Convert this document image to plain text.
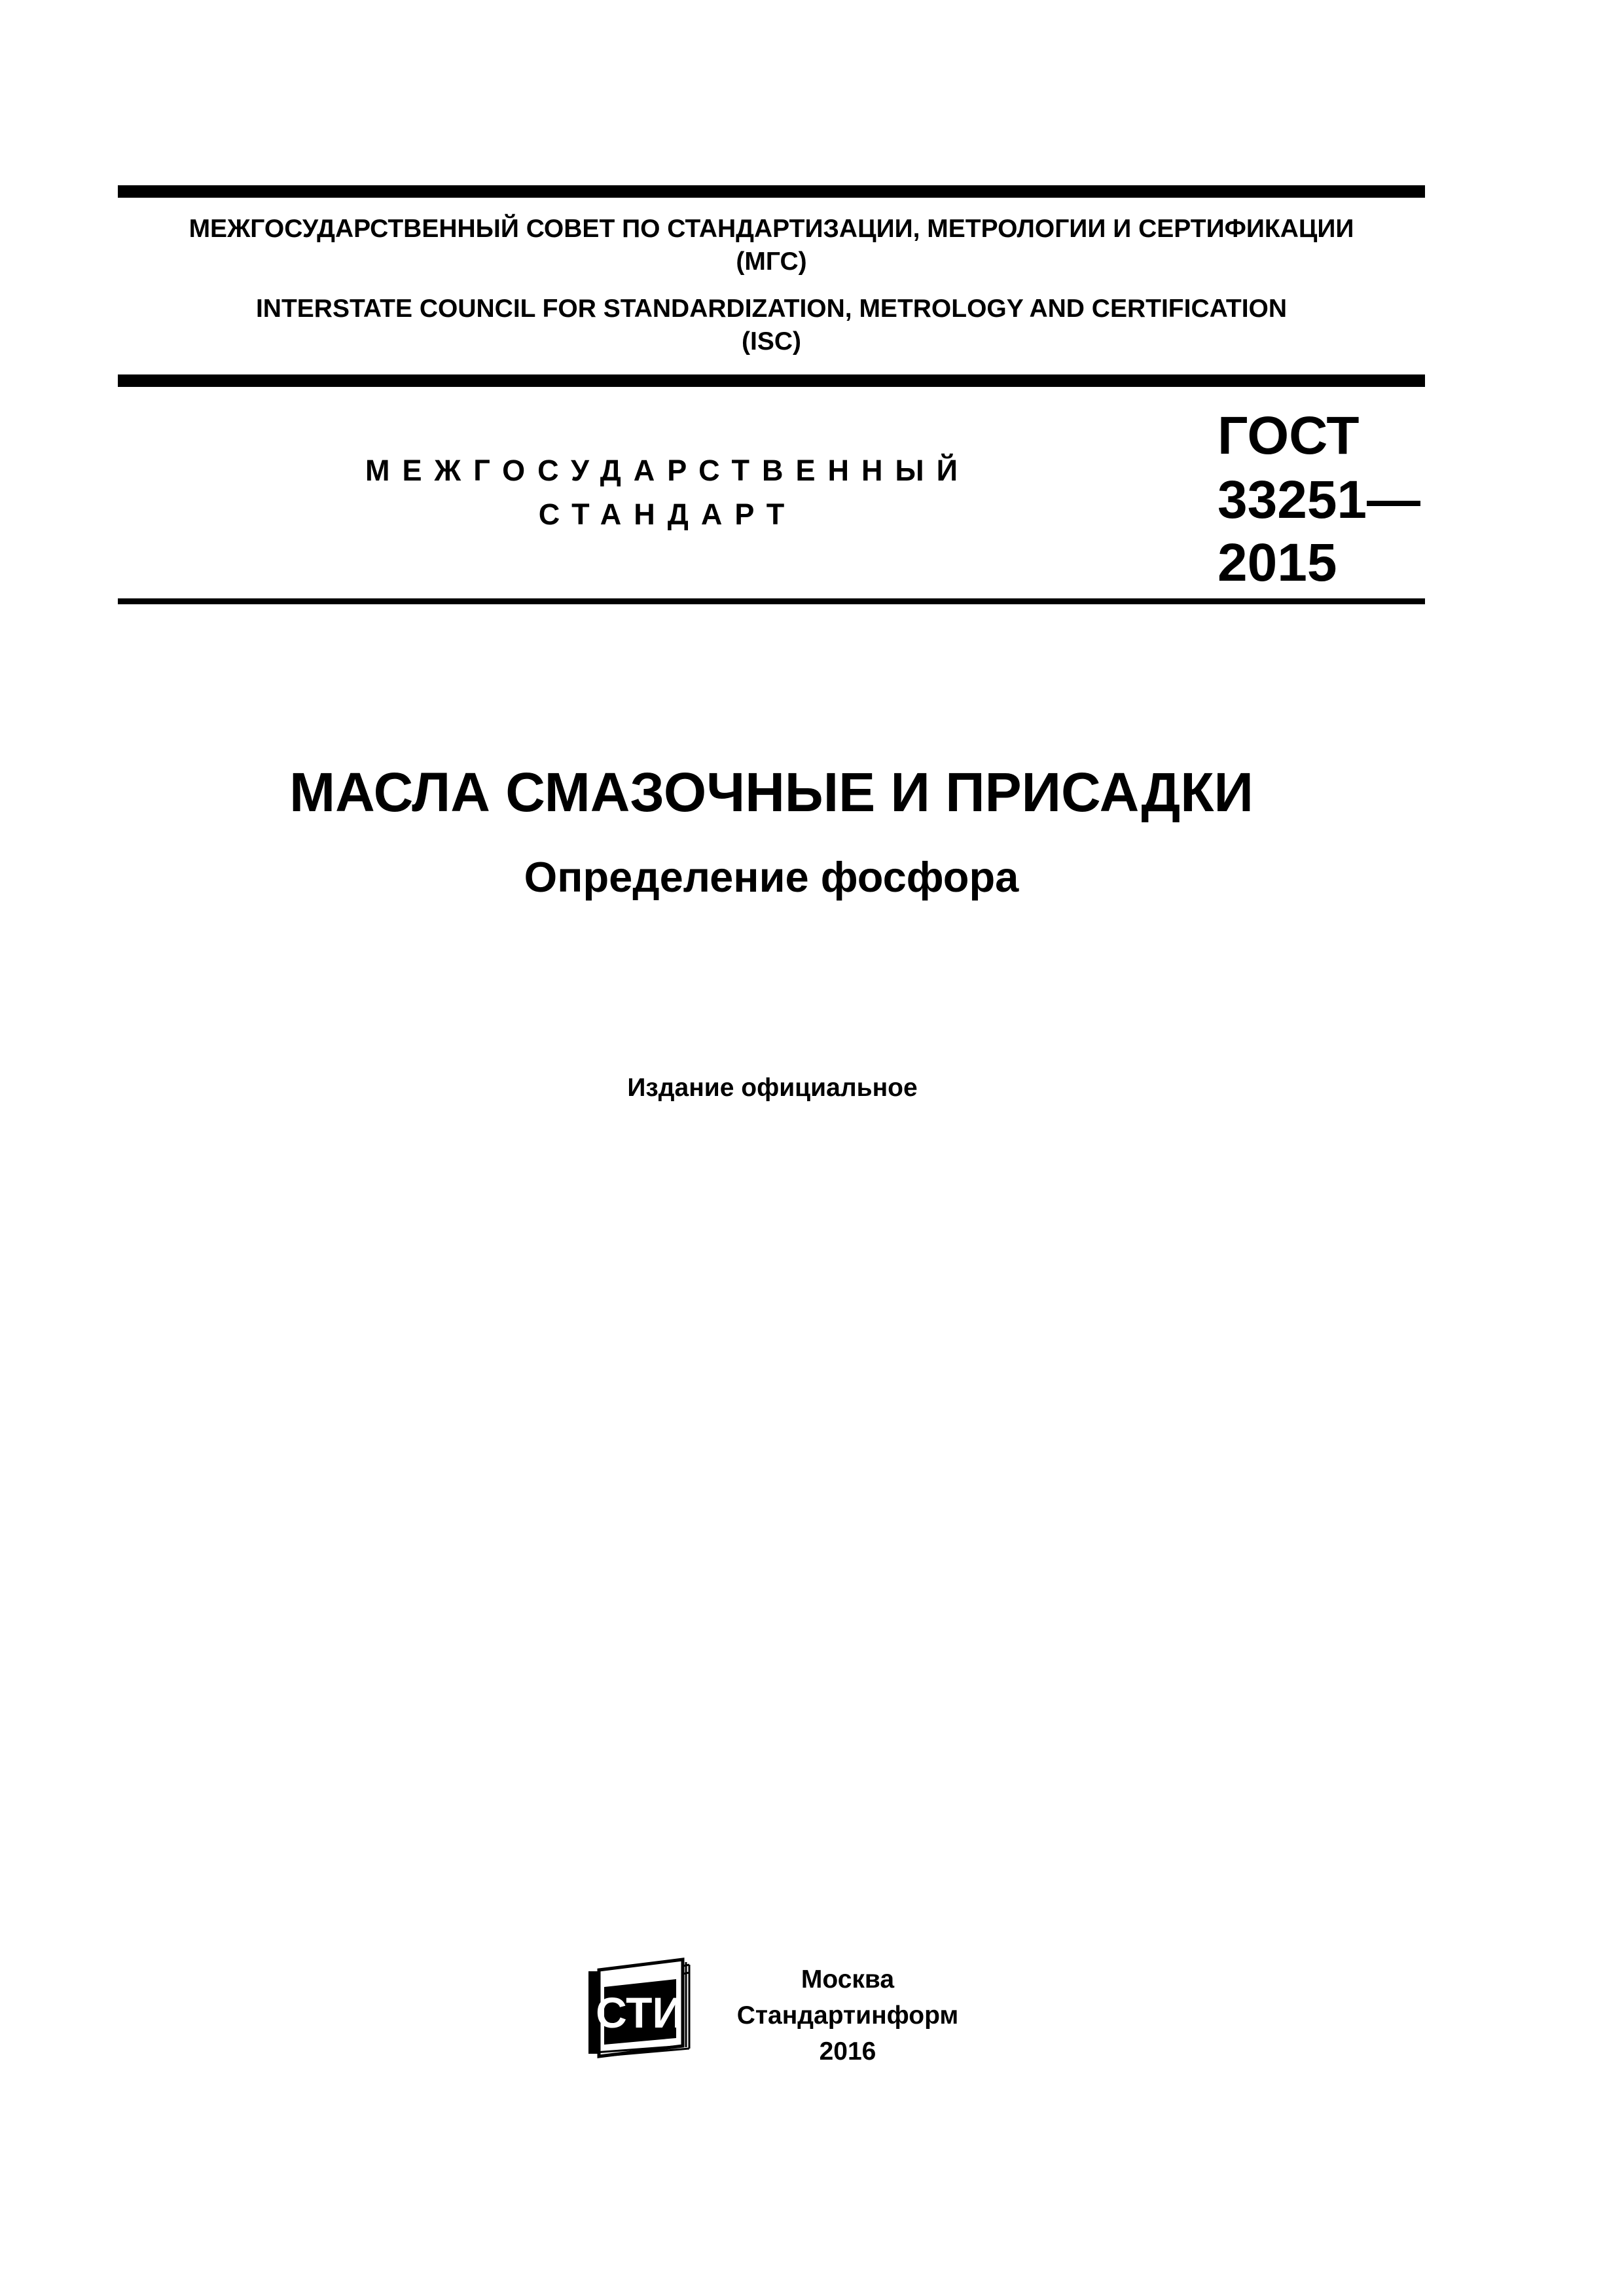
МЕЖГОСУДАРСТВЕННЫЙ СОВЕТ ПО СТАНДАРТИЗАЦИИ, МЕТРОЛОГИИ И СЕРТИФИКАЦИИ
(МГС)
INTERSTATE COUNCIL FOR STANDARDIZATION, METROLOGY AND CERTIFICATION
(ISC)
МЕЖГОСУДАРСТВЕННЫЙ
СТАНДАРТ
ГОСТ
33251—
2015
МАСЛА СМАЗОЧНЫЕ И ПРИСАДКИ
Определение фосфора
Издание официальное
СТИ
Москва
Стандартинформ
2016
